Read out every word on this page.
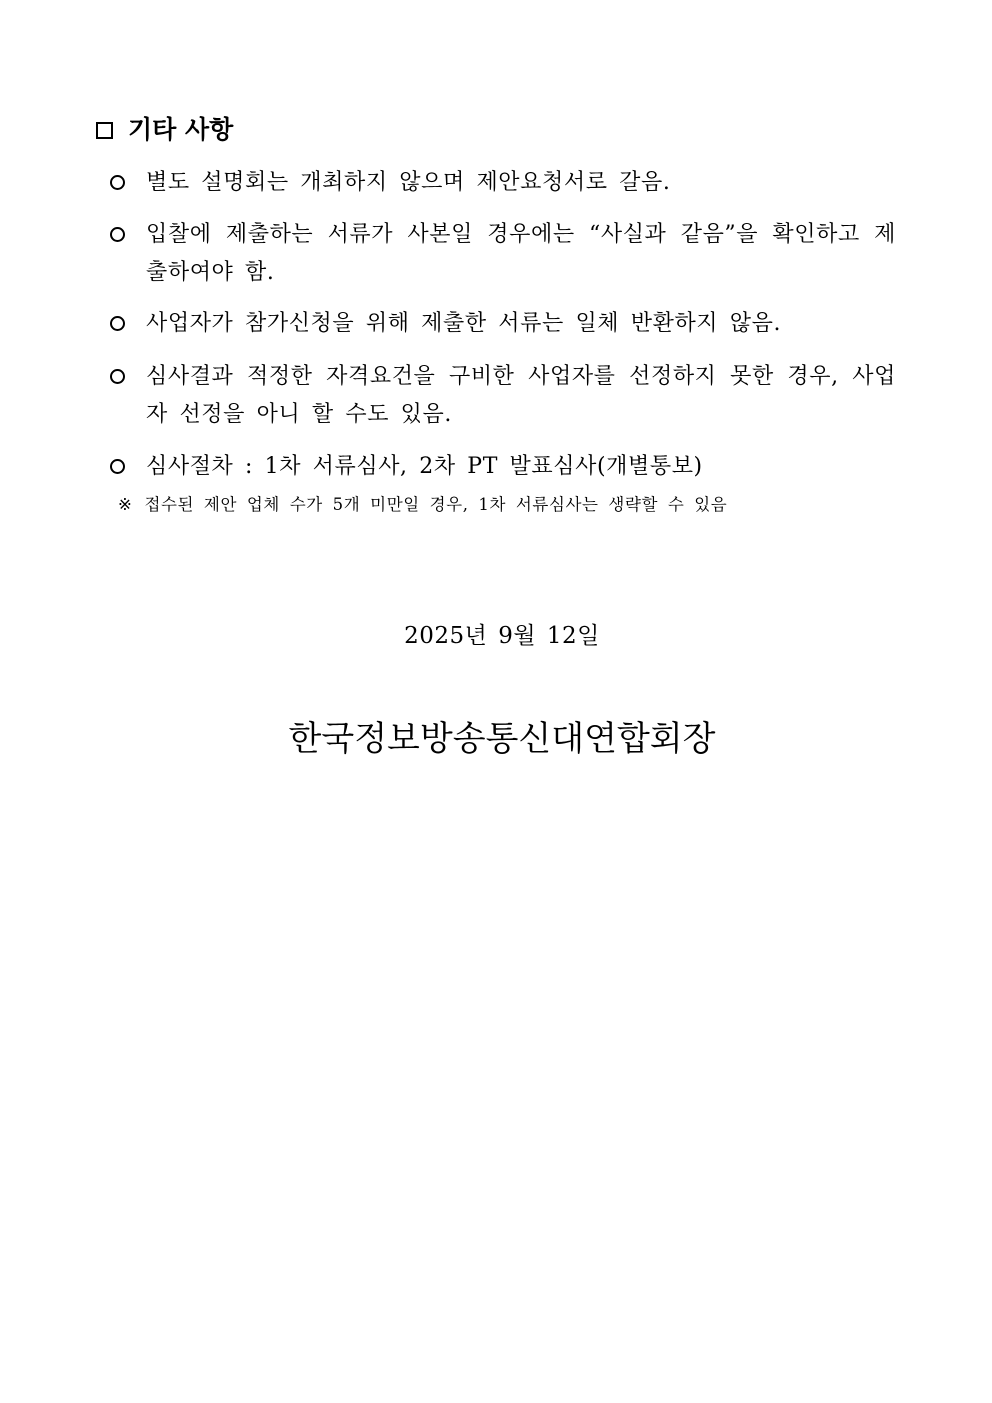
기타 사항
별도 설명회는 개최하지 않으며 제안요청서로 갈음.
입찰에 제출하는 서류가 사본일 경우에는 “사실과 같음”을 확인하고 제출하여야 함.
사업자가 참가신청을 위해 제출한 서류는 일체 반환하지 않음.
심사결과 적정한 자격요건을 구비한 사업자를 선정하지 못한 경우, 사업자 선정을 아니 할 수도 있음.
심사절차 : 1차 서류심사, 2차 PT 발표심사(개별통보)
※ 접수된 제안 업체 수가 5개 미만일 경우, 1차 서류심사는 생략할 수 있음
2025년 9월 12일
한국정보방송통신대연합회장
